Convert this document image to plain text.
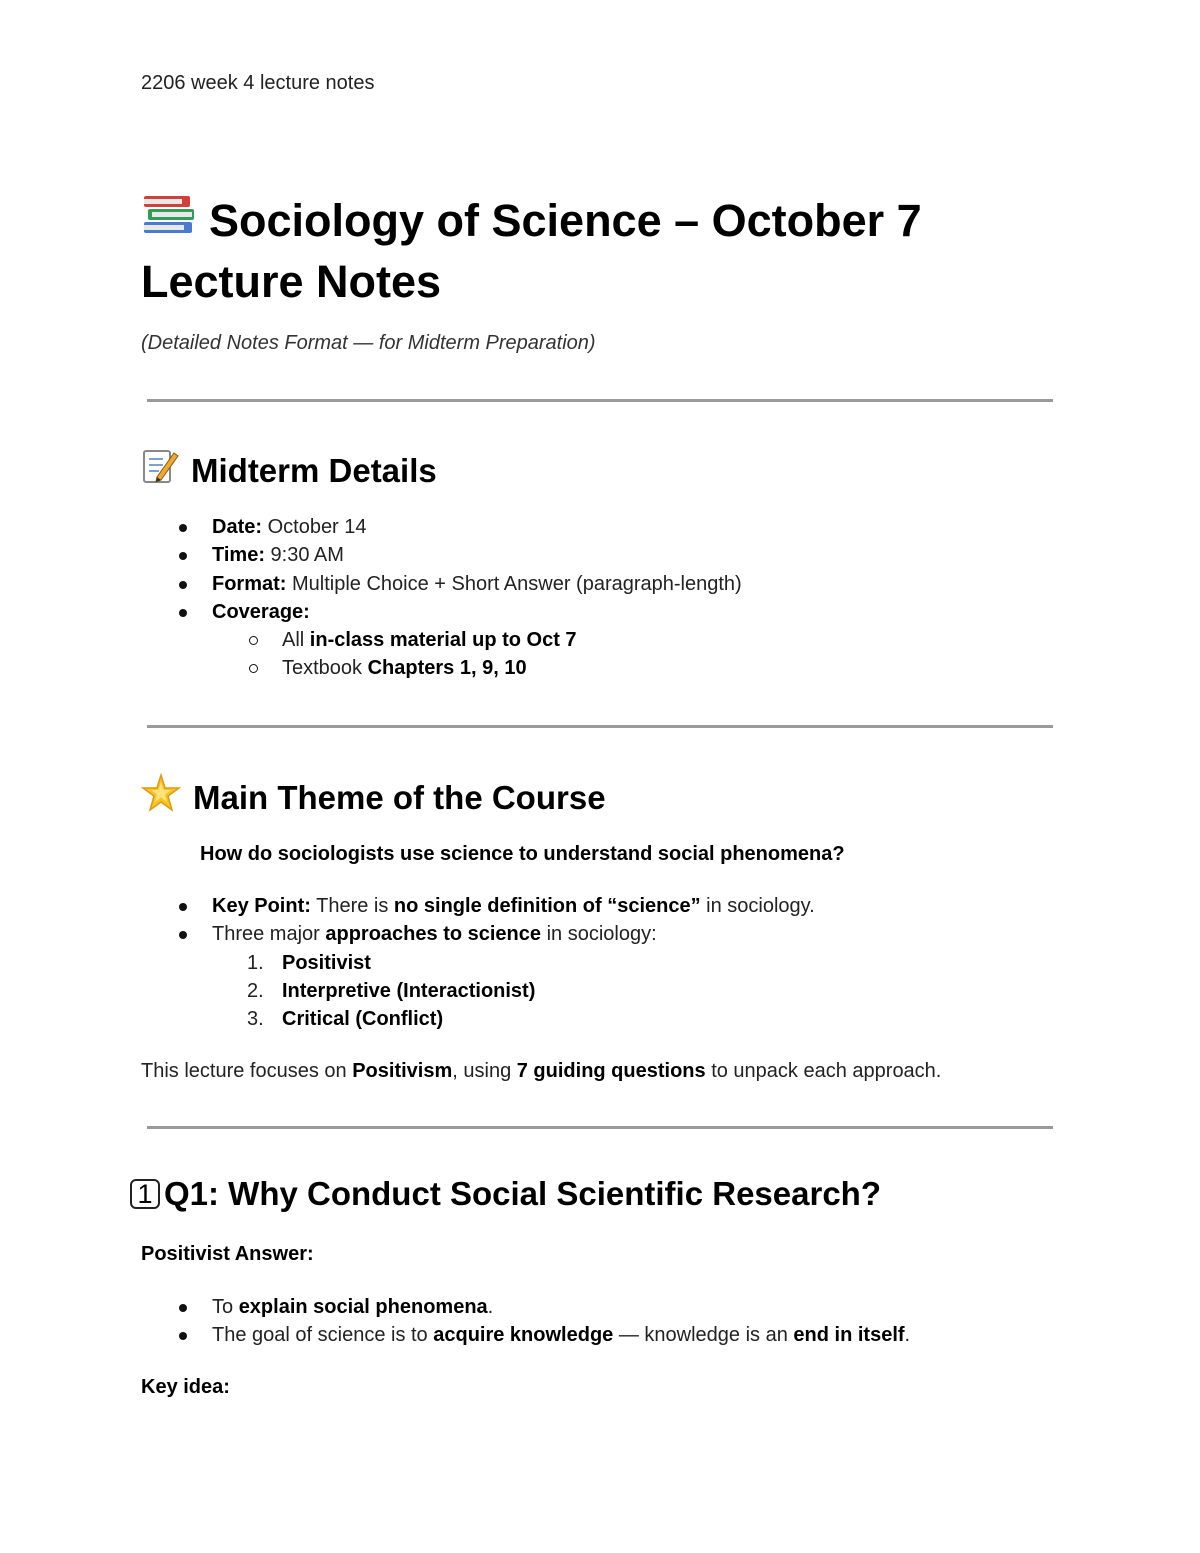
2206 week 4 lecture notes
Sociology of Science – October 7
Lecture Notes
(Detailed Notes Format — for Midterm Preparation)
Midterm Details
Date: October 14
Time: 9:30 AM
Format: Multiple Choice + Short Answer (paragraph-length)
Coverage:
All in-class material up to Oct 7
Textbook Chapters 1, 9, 10
Main Theme of the Course
How do sociologists use science to understand social phenomena?
Key Point: There is no single definition of “science” in sociology.
Three major approaches to science in sociology:
1. Positivist
2. Interpretive (Interactionist)
3. Critical (Conflict)
This lecture focuses on Positivism, using 7 guiding questions to unpack each approach.
1 Q1: Why Conduct Social Scientific Research?
Positivist Answer:
To explain social phenomena.
The goal of science is to acquire knowledge — knowledge is an end in itself.
Key idea:
